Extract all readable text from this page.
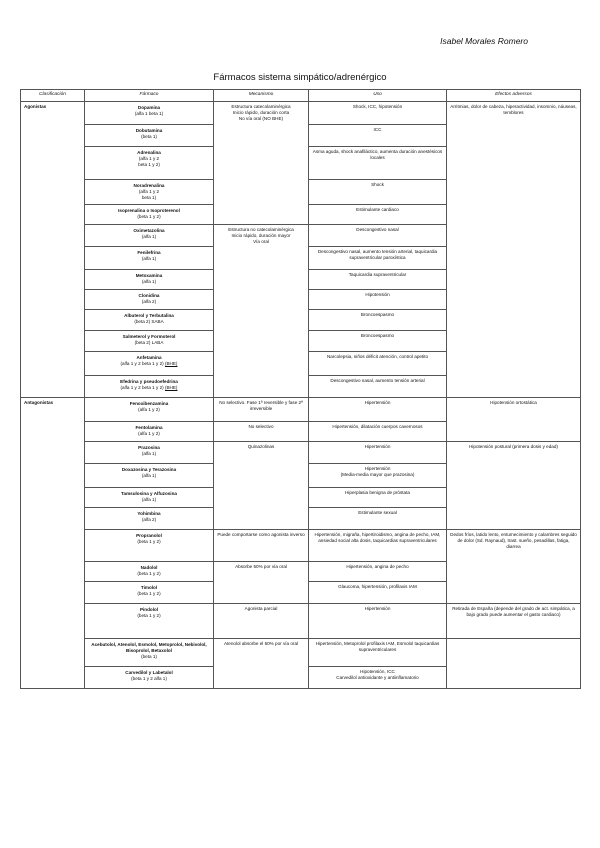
Isabel Morales Romero
Fármacos sistema simpático/adrenérgico
Clasificación	Fármaco	Mecanismo	Uso	Efectos adversos
Agonistas	Dopamina
(alfa 1 beta 1)	Estructura catecolaminérgica
Inicio rápido, duración corta
No vía oral (NO BHE)	Shock, ICC, hipotensión	Arritmias, dolor de cabeza, hiperactividad, insomnio, náuseas, temblores

	Dobutamina
(beta 1)		ICC	

	Adrenalina
(alfa 1 y 2
beta 1 y 2)		Asma aguda, shock anafiláctico, aumenta duración anestésicos locales	

	Noradrenalina
(alfa 1 y 2
beta 1)		Shock	

	Isoprenalina o Isoproterenol
(beta 1 y 2)		Estimulante cardiaco	

	Oximetazolina
(alfa 1)	Estructura no catecolaminérgica
Inicio rápido, duración mayor
Vía oral	Descongestivo nasal	

	Fenilefrina
(alfa 1)		Descongestivo nasal, aumento tensión arterial, taquicardia supraventricular paroxística	

	Metoxamina
(alfa 1)		Taquicardia supraventricular	

	Clonidina
(alfa 2)		Hipotensión	

	Albuterol y Terbutalina
(beta 2) SABA		Broncoespasmo	

	Salmeterol y Formoterol
(beta 2) LABA		Broncoespasmo	

	Anfetamina
(alfa 1 y 2 beta 1 y 2) (BHE)		Narcolepsia, niños déficit atención, control apetito	

	Efedrina y pseudoefedrina
(alfa 1 y 2 beta 1 y 2) (BHE)		Descongestivo nasal, aumento tensión arterial	
Antagonistas	Fenoxibenzamina
(alfa 1 y 2)	No selectivo. Fase 1ª reversible y fase 2ª irreversible	Hipertensión	Hipotensión ortostática

	Fentolamina
(alfa 1 y 2)	No selectivo	Hipertensión, dilatación cuerpos cavernosos	

	Prazosina
(alfa 1)	Quinazolinas	Hipertensión	Hipotensión postural (primera dosis y edad)

	Doxazosina y Terazosina
(alfa 1)		Hipertensión
(Media-media mayor que prazosina)	

	Tamsulosina y Alfuzosina
(alfa 1)		Hiperplasia benigna de próstata	

	Yohimbina
(alfa 2)		Estimulante sexual	

	Propranolol
(beta 1 y 2)	Puede comportarse como agonista inverso	Hipertensión, migraña, hipertiroidismo, angina de pecho, IAM, ansiedad social alta dosis, taquicardias supraventriculares	Dedos fríos, latido lento, entumecimiento y calambres seguido de dolor (Sd. Raynaud), trast. sueño, pesadillas, fatiga, diarrea

	Nadolol
(beta 1 y 2)	Absorbe 50% por vía oral	Hipertensión, angina de pecho	

	Timolol
(beta 1 y 2)		Glaucoma, hipertensión, profilaxis IAM	

	Pindolol
(beta 1 y 2)	Agonista parcial	Hipertensión	Retirada de España (depende del grado de act. simpática, a bajo grado puede aumentar el gasto cardiaco)

	Acebutolol, Atenolol, Esmolol, Metoprolol, Nebivolol, Bisoprolol, Betaxolol
(beta 1)	Atenolol absorbe el 50% por vía oral	Hipertensión, Metoprolol profilaxis IAM, Esmolol taquicardias supraventriculares	

	Carvedilol y Labetalol
(beta 1 y 2 alfa 1)		Hipotensión, ICC
Carvedilol antioxidante y antiinflamatorio	
